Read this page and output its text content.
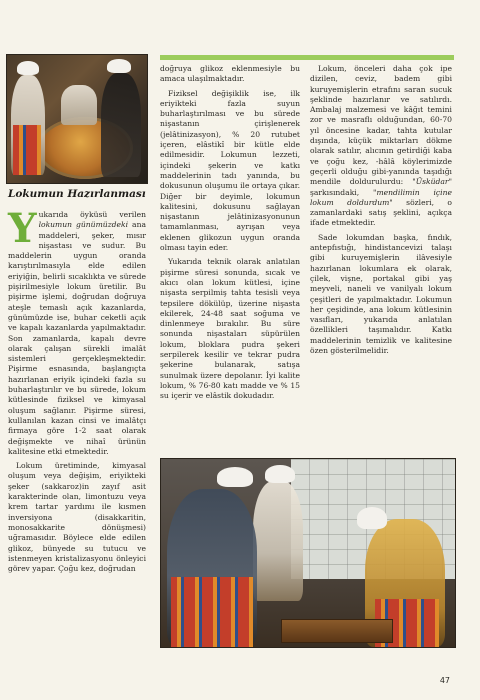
Lokumun Hazırlanması

Yukarıda öyküsü verilen lokumun günümüzdeki ana maddeleri, şeker, mısır nişastası ve sudur. Bu maddelerin uygun oranda karıştırılmasıyla elde edilen eriyiğin, belirli sıcaklıkta ve sürede pişirilmesiyle lokum üretilir. Bu pişirme işlemi, doğrudan doğruya ateşle temaslı açık kazanlarda, günümüzde ise, buhar ceketli açık ve kapalı kazanlarda yapılmaktadır. Son zamanlarda, kapalı devre olarak çalışan sürekli imalât sistemleri gerçekleşmektedir. Pişirme esnasında, başlangıçta hazırlanan eriyik içindeki fazla su buharlaştırılır ve bu sürede, lokum kütlesinde fiziksel ve kimyasal oluşum sağlanır. Pişirme süresi, kullanılan kazan cinsi ve imalâtçı firmaya göre 1-2 saat olarak değişmekte ve nihaî ürünün kalitesine etki etmektedir.

Lokum üretiminde, kimyasal oluşum veya değişim, eriyikteki şeker (sakkaroz)in zayıf asit karakterinde olan, limontuzu veya krem tartar yardımı ile kısmen inversiyona (disakkaritin, monosakkarite dönüşmesi) uğramasıdır. Böylece elde edilen glikoz, bünyede su tutucu ve istenmeyen kristalizasyonu önleyici görev yapar. Çoğu kez, doğrudan

doğruya glikoz eklenmesiyle bu amaca ulaşılmaktadır.

Fiziksel değişiklik ise, ilk eriyikteki fazla suyun buharlaştırılması ve bu sürede nişastanın çirişlenerek (jelâtinizasyon), % 20 rutubet içeren, elâstikî bir kütle elde edilmesidir. Lokumun lezzeti, içindeki şekerin ve katkı maddelerinin tadı yanında, bu dokusunun oluşumu ile ortaya çıkar. Diğer bir deyimle, lokumun kalitesini, dokusunu sağlayan nişastanın jelâtinizasyonunun tamamlanması, ayrışan veya eklenen glikozun uygun oranda olması tayin eder.

Yukarıda teknik olarak anlatılan pişirme süresi sonunda, sıcak ve akıcı olan lokum kütlesi, içine nişasta serpilmiş tahta tesisli veya tepsilere dökülüp, üzerine nişasta ekilerek, 24-48 saat soğuma ve dinlenmeye bırakılır. Bu süre sonunda nişastaları süpürülen lokum, bloklara pudra şekeri serpilerek kesilir ve tekrar pudra şekerine bulanarak, satışa sunulmak üzere depolanır. İyi kalite lokum, % 76-80 katı madde ve % 15 su içerir ve elâstik dokudadır.

Lokum, önceleri daha çok ipe dizilen, ceviz, badem gibi kuruyemişlerin etrafını saran sucuk şeklinde hazırlanır ve satılırdı. Ambalaj malzemesi ve kâğıt temini zor ve masraflı olduğundan, 60-70 yıl öncesine kadar, tahta kutular dışında, küçük miktarları dökme olarak satılır, alıcının getirdiği kaba ve çoğu kez, -hâlâ köylerimizde geçerli olduğu gibi-yanında taşıdığı mendile doldurulurdu: "Üsküdar" şarkısındaki, "mendilimin içine lokum doldurdum" sözleri, o zamanlardaki satış şeklini, açıkça ifade etmektedir.

Sade lokumdan başka, fındık, antepfıstığı, hindistancevizi talaşı gibi kuruyemişlerin ilâvesiyle hazırlanan lokumlara ek olarak, çilek, vişne, portakal gibi yaş meyveli, naneli ve vanilyalı lokum çeşitleri de yapılmaktadır. Lokumun her çeşidinde, ana lokum kütlesinin vasıfları, yukarıda anlatılan özellikleri taşımalıdır. Katkı maddelerinin temizlik ve kalitesine özen gösterilmelidir.

47
